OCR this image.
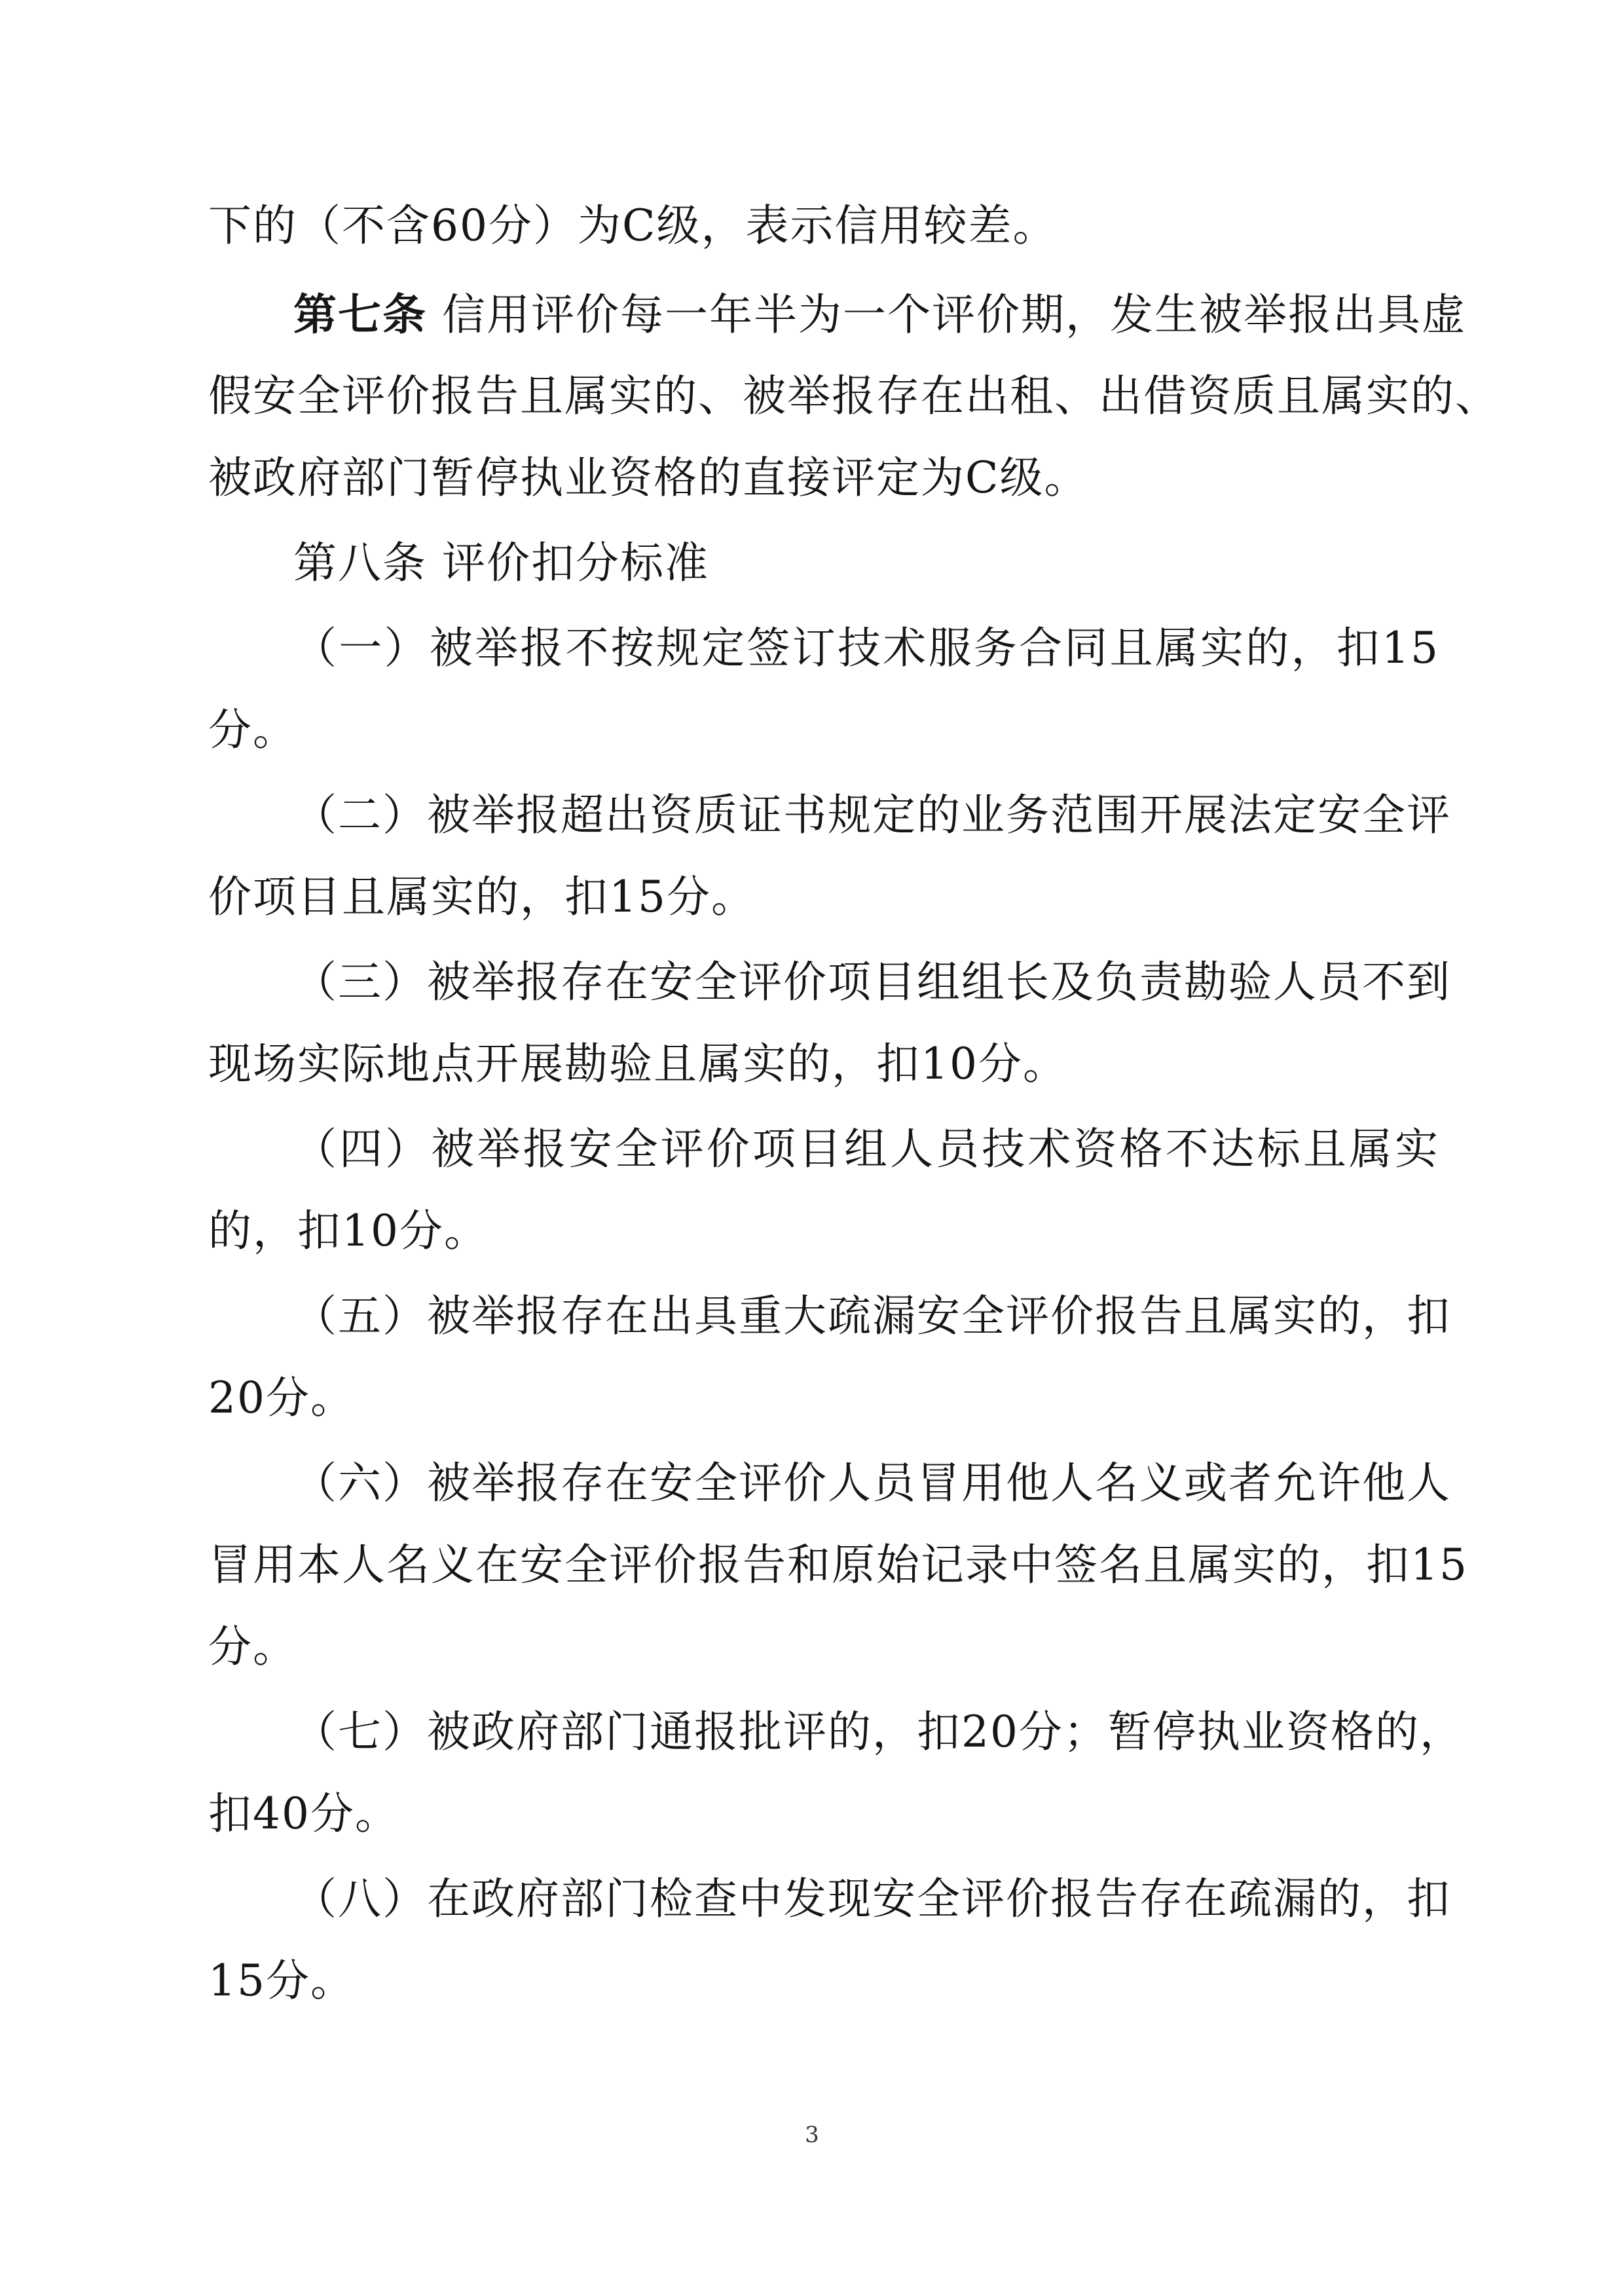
下的（不含60分）为C级，表示信用较差。
第七条 信用评价每一年半为一个评价期，发生被举报出具虚
假安全评价报告且属实的、被举报存在出租、出借资质且属实的、
被政府部门暂停执业资格的直接评定为C级。
第八条 评价扣分标准
（一）被举报不按规定签订技术服务合同且属实的，扣15
分。
（二）被举报超出资质证书规定的业务范围开展法定安全评
价项目且属实的，扣15分。
（三）被举报存在安全评价项目组组长及负责勘验人员不到
现场实际地点开展勘验且属实的，扣10分。
（四）被举报安全评价项目组人员技术资格不达标且属实
的，扣10分。
（五）被举报存在出具重大疏漏安全评价报告且属实的，扣
20分。
（六）被举报存在安全评价人员冒用他人名义或者允许他人
冒用本人名义在安全评价报告和原始记录中签名且属实的，扣15
分。
（七）被政府部门通报批评的，扣20分；暂停执业资格的，
扣40分。
（八）在政府部门检查中发现安全评价报告存在疏漏的，扣
15分。
3
